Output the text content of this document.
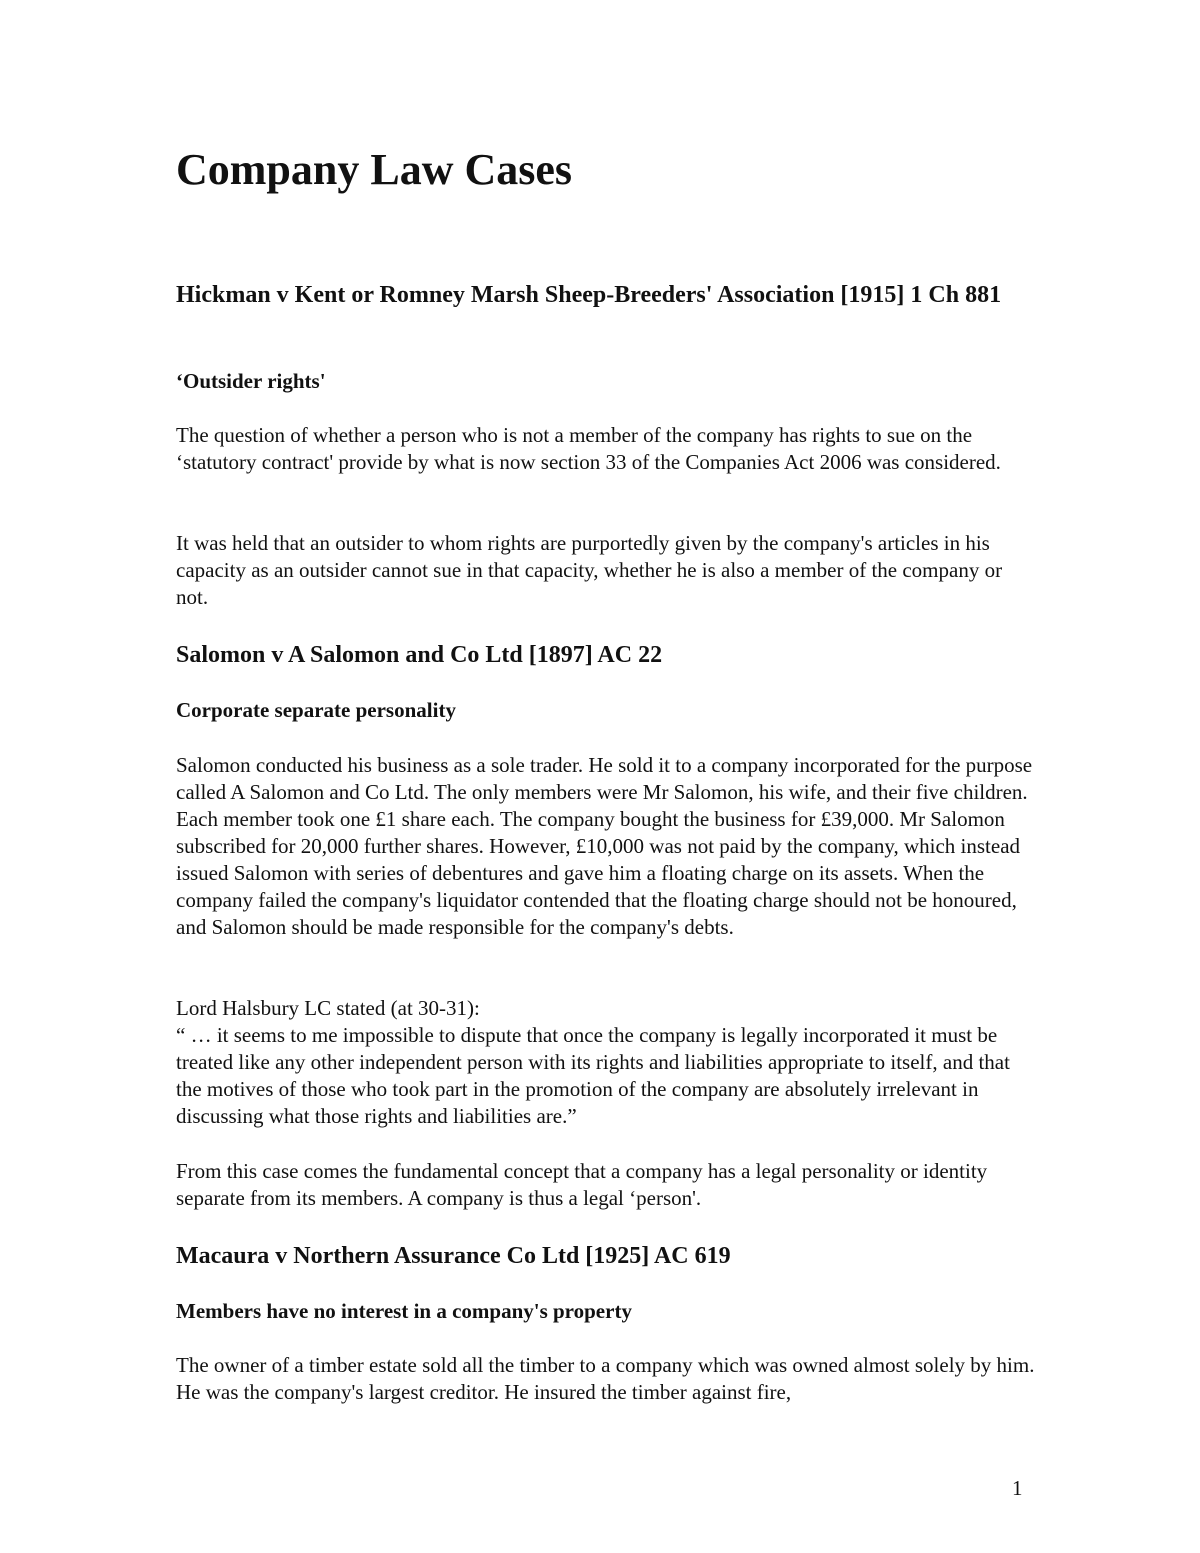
Company Law Cases
Hickman v Kent or Romney Marsh Sheep-Breeders' Association [1915] 1 Ch 881
‘Outsider rights'

The question of whether a person who is not a member of the company has rights to sue on the ‘statutory contract' provide by what is now section 33 of the Companies Act 2006 was considered.

It was held that an outsider to whom rights are purportedly given by the company's articles in his capacity as an outsider cannot sue in that capacity, whether he is also a member of the company or not.

Salomon v A Salomon and Co Ltd [1897] AC 22
Corporate separate personality

Salomon conducted his business as a sole trader. He sold it to a company incorporated for the purpose called A Salomon and Co Ltd. The only members were Mr Salomon, his wife, and their five children. Each member took one £1 share each. The company bought the business for £39,000. Mr Salomon subscribed for 20,000 further shares. However, £10,000 was not paid by the company, which instead issued Salomon with series of debentures and gave him a floating charge on its assets. When the company failed the company's liquidator contended that the floating charge should not be honoured, and Salomon should be made responsible for the company's debts.

Lord Halsbury LC stated (at 30-31):

“ … it seems to me impossible to dispute that once the company is legally incorporated it must be treated like any other independent person with its rights and liabilities appropriate to itself, and that the motives of those who took part in the promotion of the company are absolutely irrelevant in discussing what those rights and liabilities are.”

From this case comes the fundamental concept that a company has a legal personality or identity separate from its members. A company is thus a legal ‘person'.

Macaura v Northern Assurance Co Ltd [1925] AC 619
Members have no interest in a company's property

The owner of a timber estate sold all the timber to a company which was owned almost solely by him. He was the company's largest creditor. He insured the timber against fire,

1
